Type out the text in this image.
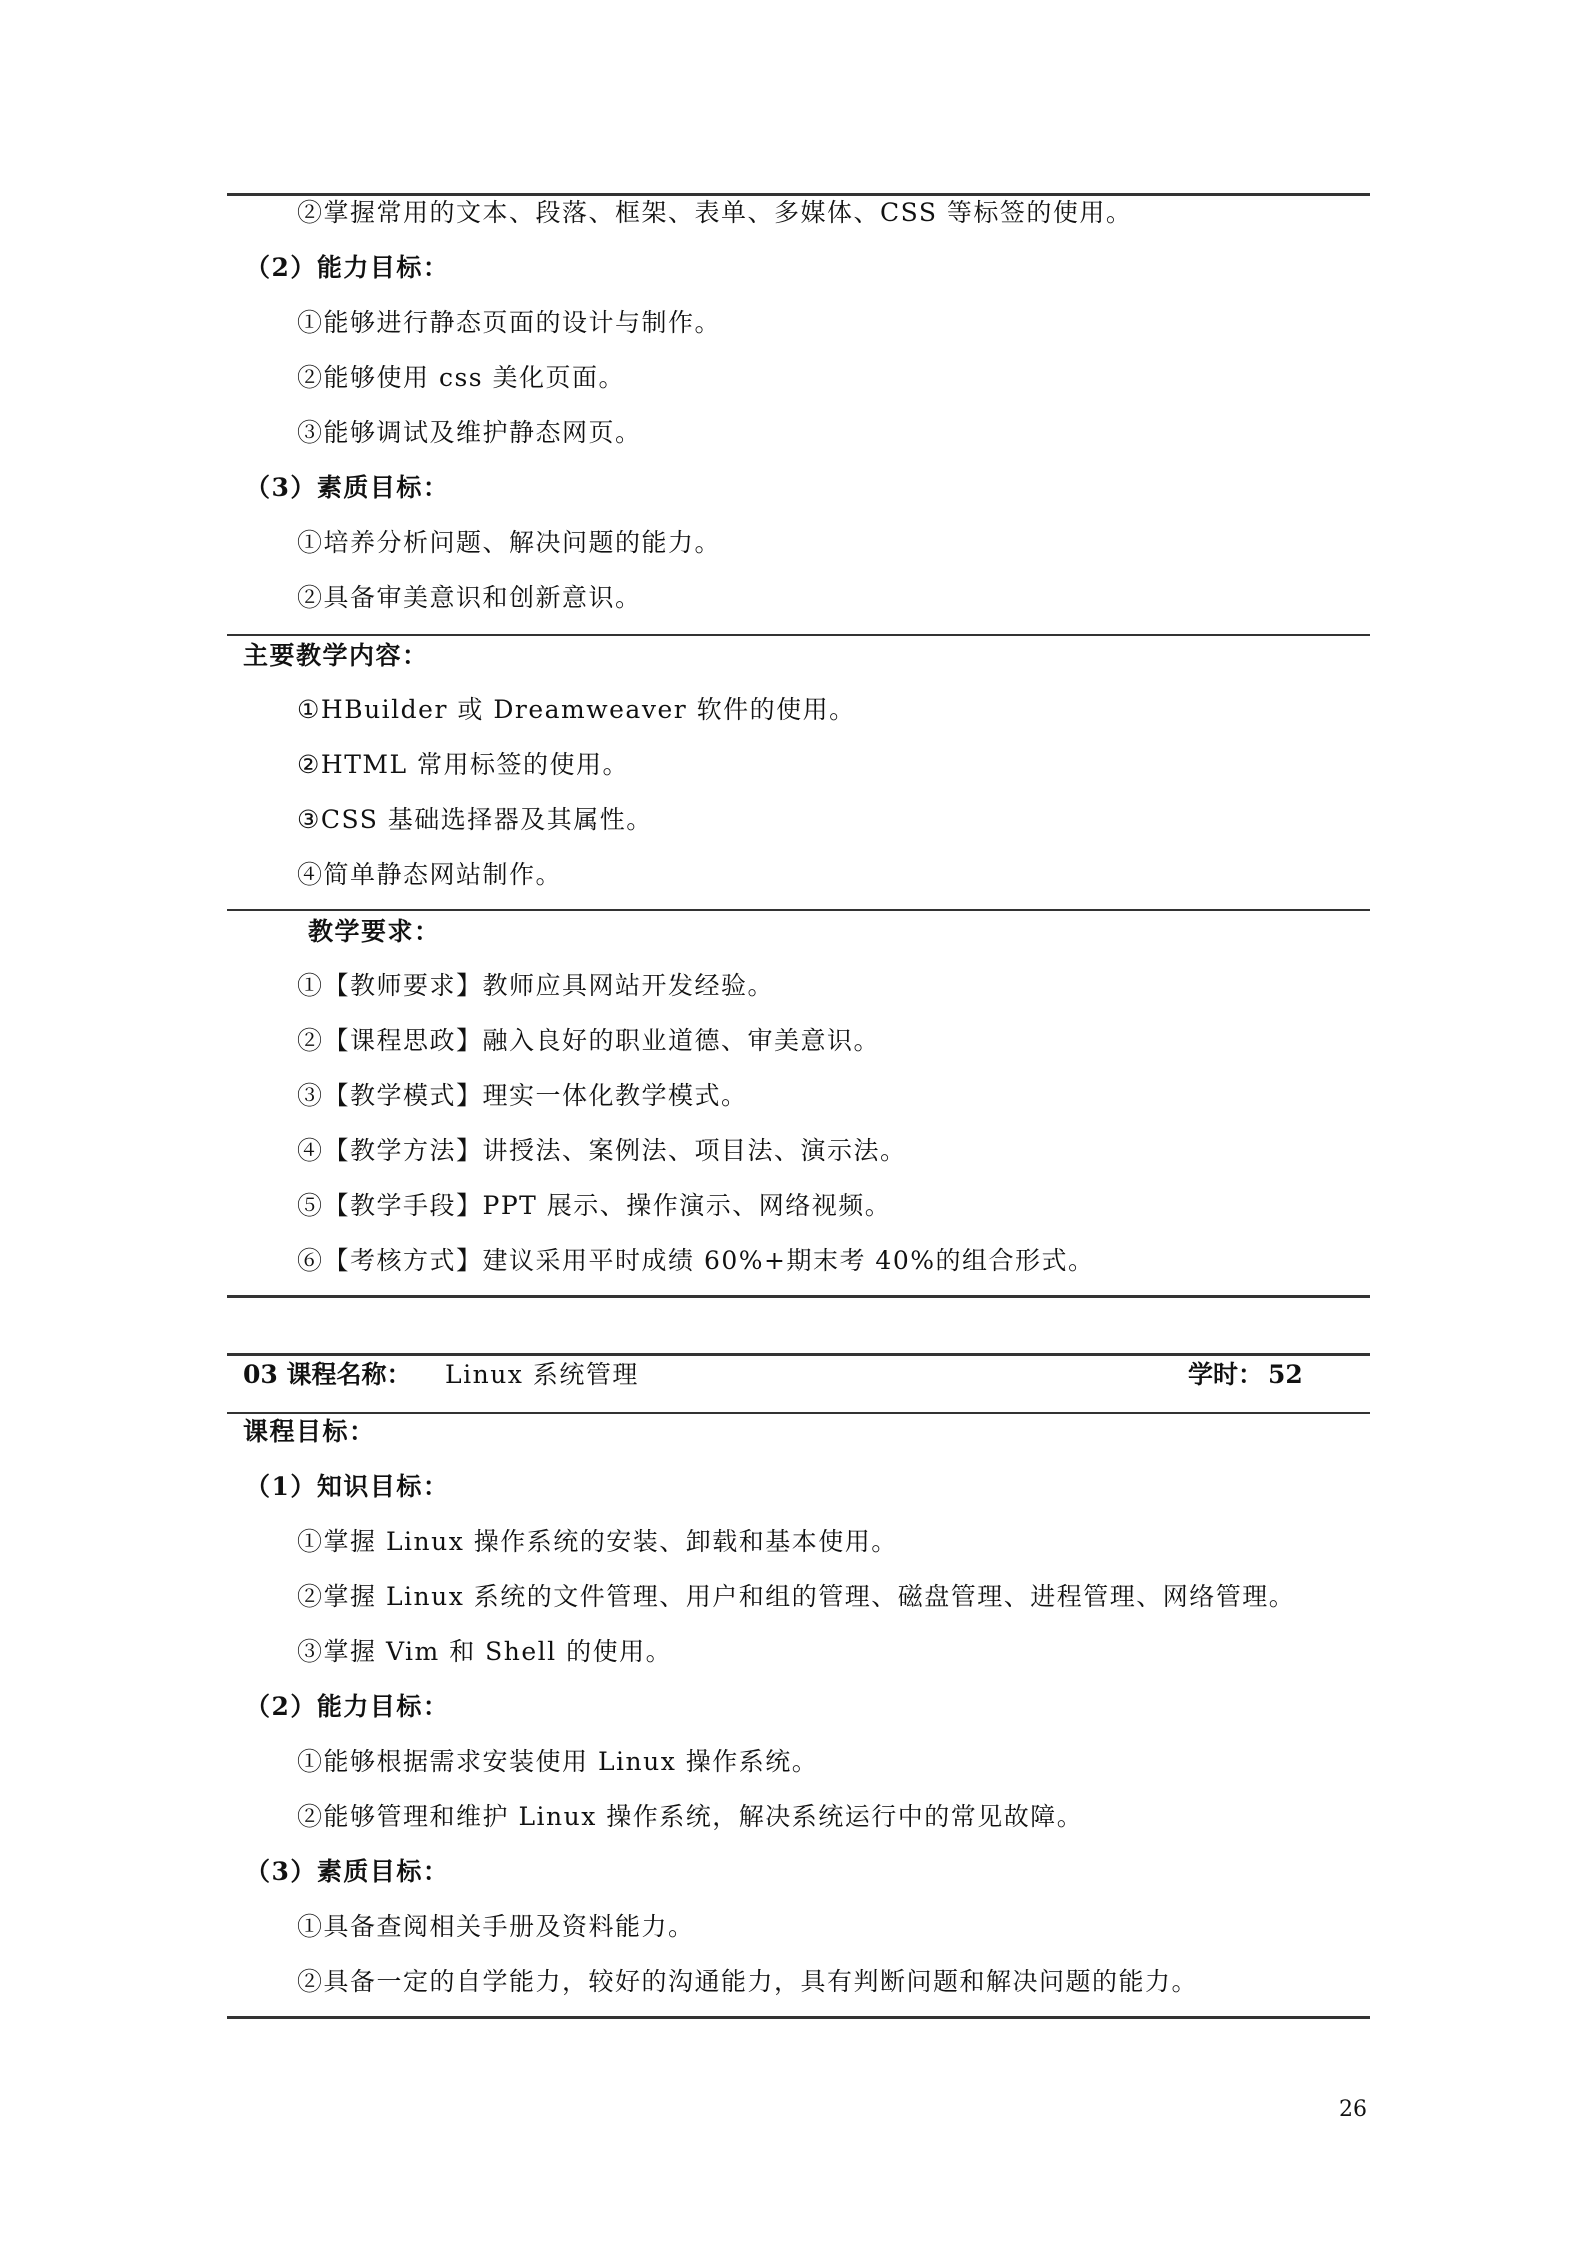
②掌握常用的文本、段落、框架、表单、多媒体、CSS 等标签的使用。
（2）能力目标：
①能够进行静态页面的设计与制作。
②能够使用 css 美化页面。
③能够调试及维护静态网页。
（3）素质目标：
①培养分析问题、解决问题的能力。
②具备审美意识和创新意识。
主要教学内容：
①HBuilder 或 Dreamweaver 软件的使用。
②HTML 常用标签的使用。
③CSS 基础选择器及其属性。
④简单静态网站制作。
教学要求：
①【教师要求】教师应具网站开发经验。
②【课程思政】融入良好的职业道德、审美意识。
③【教学模式】理实一体化教学模式。
④【教学方法】讲授法、案例法、项目法、演示法。
⑤【教学手段】PPT 展示、操作演示、网络视频。
⑥【考核方式】建议采用平时成绩 60%+期末考 40%的组合形式。
03 课程名称： Linux 系统管理	学时： 52
课程目标：
（1）知识目标：
①掌握 Linux 操作系统的安装、卸载和基本使用。
②掌握 Linux 系统的文件管理、用户和组的管理、磁盘管理、进程管理、网络管理。
③掌握 Vim 和 Shell 的使用。
（2）能力目标：
①能够根据需求安装使用 Linux 操作系统。
②能够管理和维护 Linux 操作系统，解决系统运行中的常见故障。
（3）素质目标：
①具备查阅相关手册及资料能力。
②具备一定的自学能力，较好的沟通能力，具有判断问题和解决问题的能力。
26
